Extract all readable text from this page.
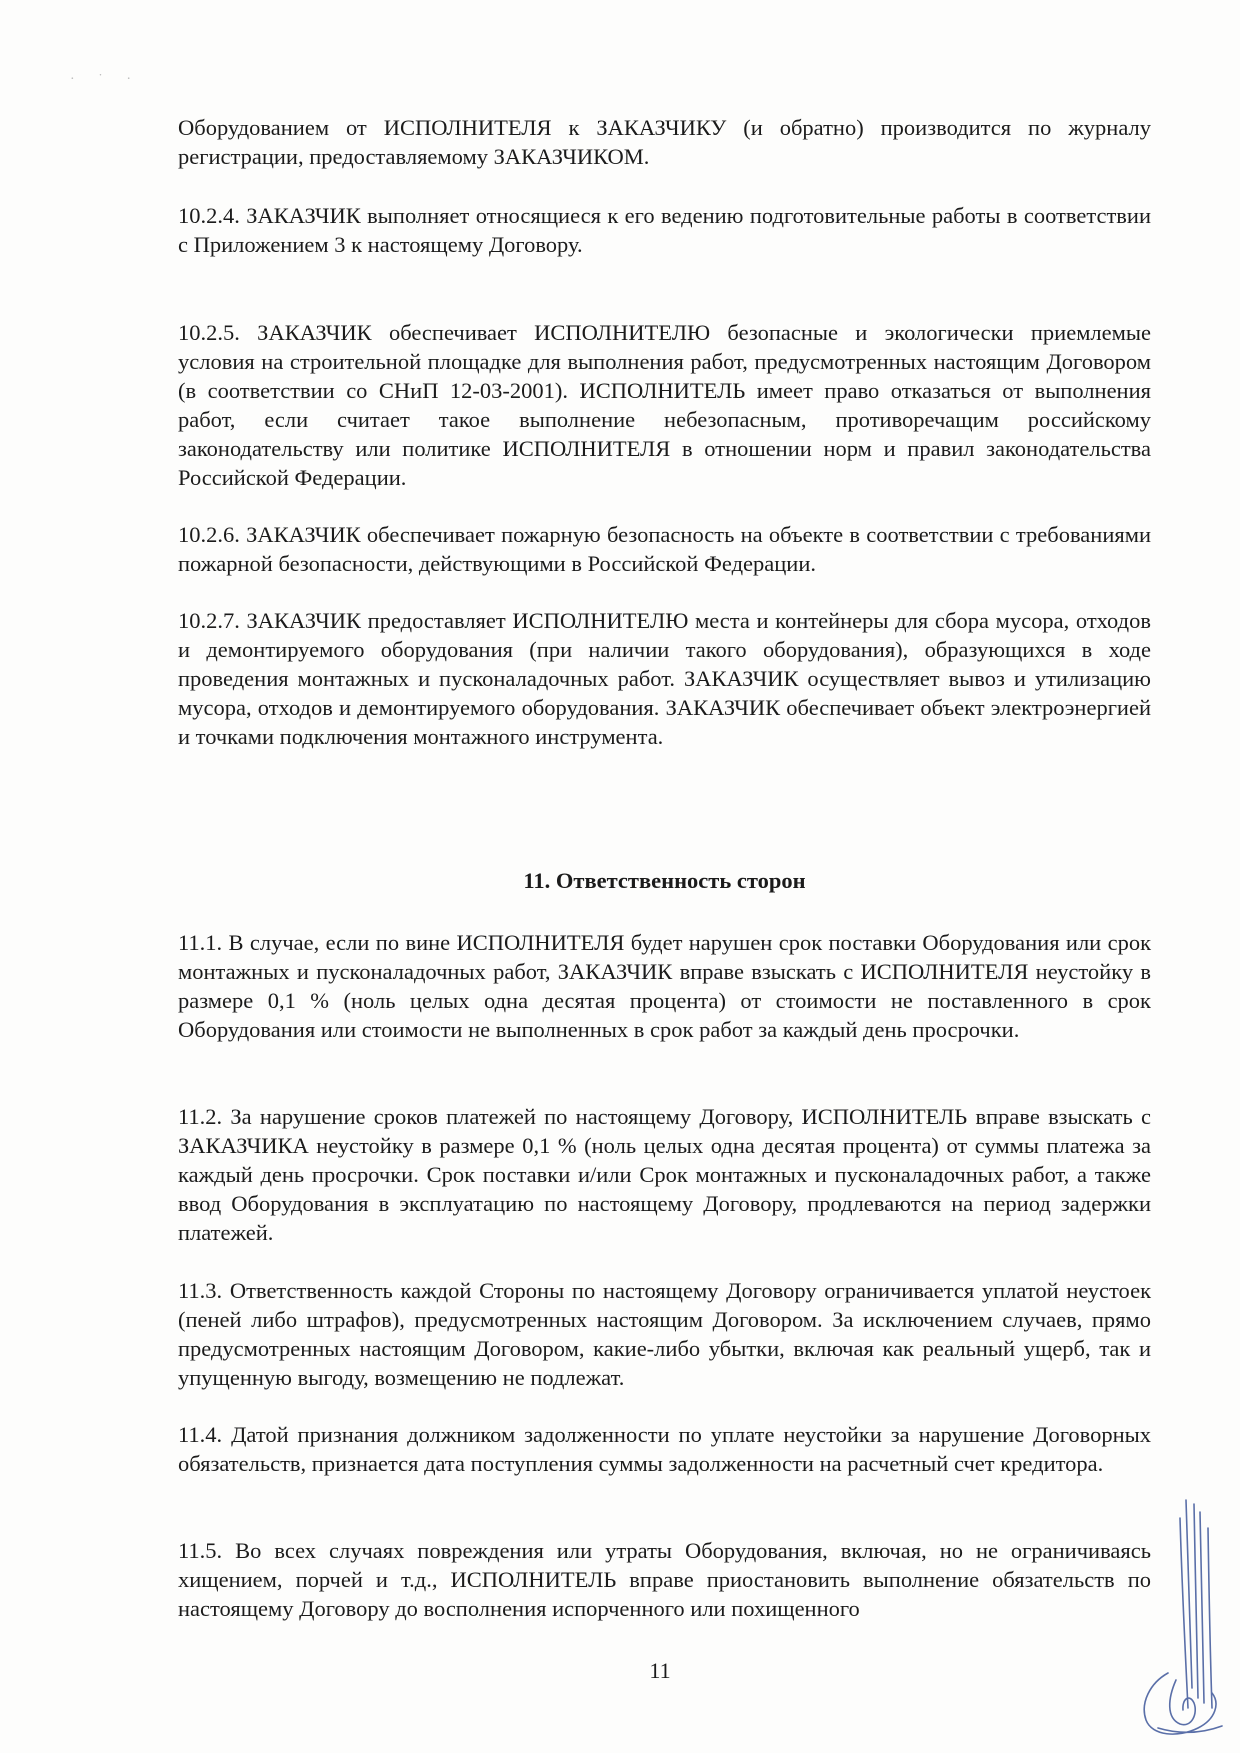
· ˙ ·

Оборудованием от ИСПОЛНИТЕЛЯ к ЗАКАЗЧИКУ (и обратно) производится по журналу регистрации, предоставляемому ЗАКАЗЧИКОМ.

10.2.4. ЗАКАЗЧИК выполняет относящиеся к его ведению подготовительные работы в соответствии с Приложением 3 к настоящему Договору.

10.2.5. ЗАКАЗЧИК обеспечивает ИСПОЛНИТЕЛЮ безопасные и экологически приемлемые условия на строительной площадке для выполнения работ, предусмотренных настоящим Договором (в соответствии со СНиП 12-03-2001). ИСПОЛНИТЕЛЬ имеет право отказаться от выполнения работ, если считает такое выполнение небезопасным, противоречащим российскому законодательству или политике ИСПОЛНИТЕЛЯ в отношении норм и правил законодательства Российской Федерации.

10.2.6. ЗАКАЗЧИК обеспечивает пожарную безопасность на объекте в соответствии с требованиями пожарной безопасности, действующими в Российской Федерации.

10.2.7. ЗАКАЗЧИК предоставляет ИСПОЛНИТЕЛЮ места и контейнеры для сбора мусора, отходов и демонтируемого оборудования (при наличии такого оборудования), образующихся в ходе проведения монтажных и пусконаладочных работ. ЗАКАЗЧИК осуществляет вывоз и утилизацию мусора, отходов и демонтируемого оборудования. ЗАКАЗЧИК обеспечивает объект электроэнергией и точками подключения монтажного инструмента.

11. Ответственность сторон

11.1. В случае, если по вине ИСПОЛНИТЕЛЯ будет нарушен срок поставки Оборудования или срок монтажных и пусконаладочных работ, ЗАКАЗЧИК вправе взыскать с ИСПОЛНИТЕЛЯ неустойку в размере 0,1 % (ноль целых одна десятая процента) от стоимости не поставленного в срок Оборудования или стоимости не выполненных в срок работ за каждый день просрочки.

11.2. За нарушение сроков платежей по настоящему Договору, ИСПОЛНИТЕЛЬ вправе взыскать с ЗАКАЗЧИКА неустойку в размере 0,1 % (ноль целых одна десятая процента) от суммы платежа за каждый день просрочки. Срок поставки и/или Срок монтажных и пусконаладочных работ, а также ввод Оборудования в эксплуатацию по настоящему Договору, продлеваются на период задержки платежей.

11.3. Ответственность каждой Стороны по настоящему Договору ограничивается уплатой неустоек (пеней либо штрафов), предусмотренных настоящим Договором. За исключением случаев, прямо предусмотренных настоящим Договором, какие-либо убытки, включая как реальный ущерб, так и упущенную выгоду, возмещению не подлежат.

11.4. Датой признания должником задолженности по уплате неустойки за нарушение Договорных обязательств, признается дата поступления суммы задолженности на расчетный счет кредитора.

11.5. Во всех случаях повреждения или утраты Оборудования, включая, но не ограничиваясь хищением, порчей и т.д., ИСПОЛНИТЕЛЬ вправе приостановить выполнение обязательств по настоящему Договору до восполнения испорченного или похищенного

11
